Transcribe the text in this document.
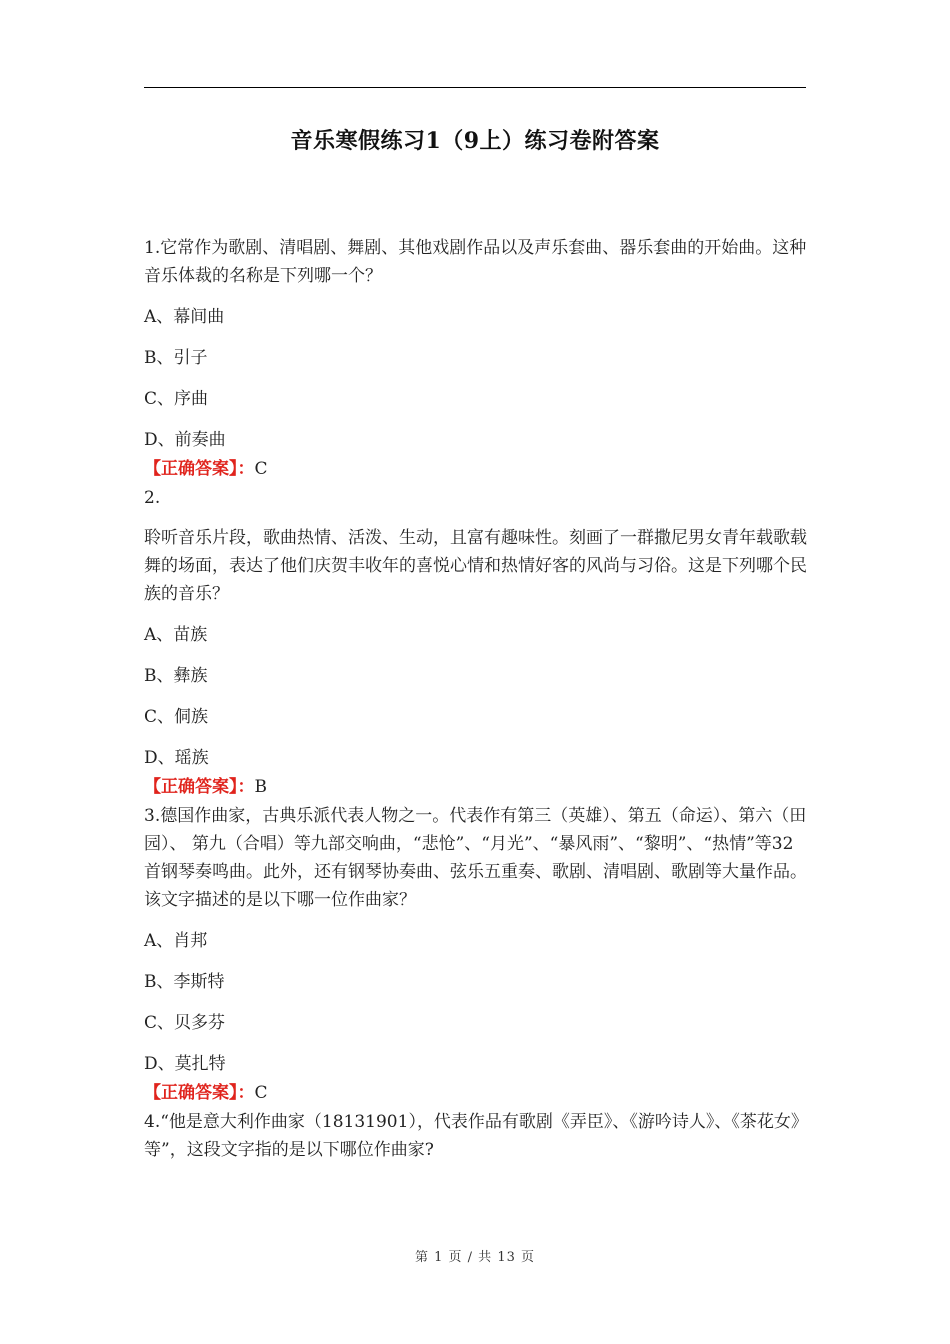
音乐寒假练习1（9上）练习卷附答案
1.它常作为歌剧、清唱剧、舞剧、其他戏剧作品以及声乐套曲、器乐套曲的开始曲。这种音乐体裁的名称是下列哪一个？
A、幕间曲
B、引子
C、序曲
D、前奏曲
【正确答案】：C
2.
聆听音乐片段，歌曲热情、活泼、生动，且富有趣味性。刻画了一群撒尼男女青年载歌载舞的场面，表达了他们庆贺丰收年的喜悦心情和热情好客的风尚与习俗。这是下列哪个民族的音乐？
A、苗族
B、彝族
C、侗族
D、瑶族
【正确答案】：B
3.德国作曲家，古典乐派代表人物之一。代表作有第三（英雄）、第五（命运）、第六（田园）、 第九（合唱）等九部交响曲，“悲怆”、“月光”、“暴风雨”、“黎明”、“热情”等32首钢琴奏鸣曲。此外，还有钢琴协奏曲、弦乐五重奏、歌剧、清唱剧、歌剧等大量作品。该文字描述的是以下哪一位作曲家？
A、肖邦
B、李斯特
C、贝多芬
D、莫扎特
【正确答案】：C
4.“他是意大利作曲家（18131901），代表作品有歌剧《弄臣》、《游吟诗人》、《茶花女》等”，这段文字指的是以下哪位作曲家?
第 1 页 / 共 13 页
